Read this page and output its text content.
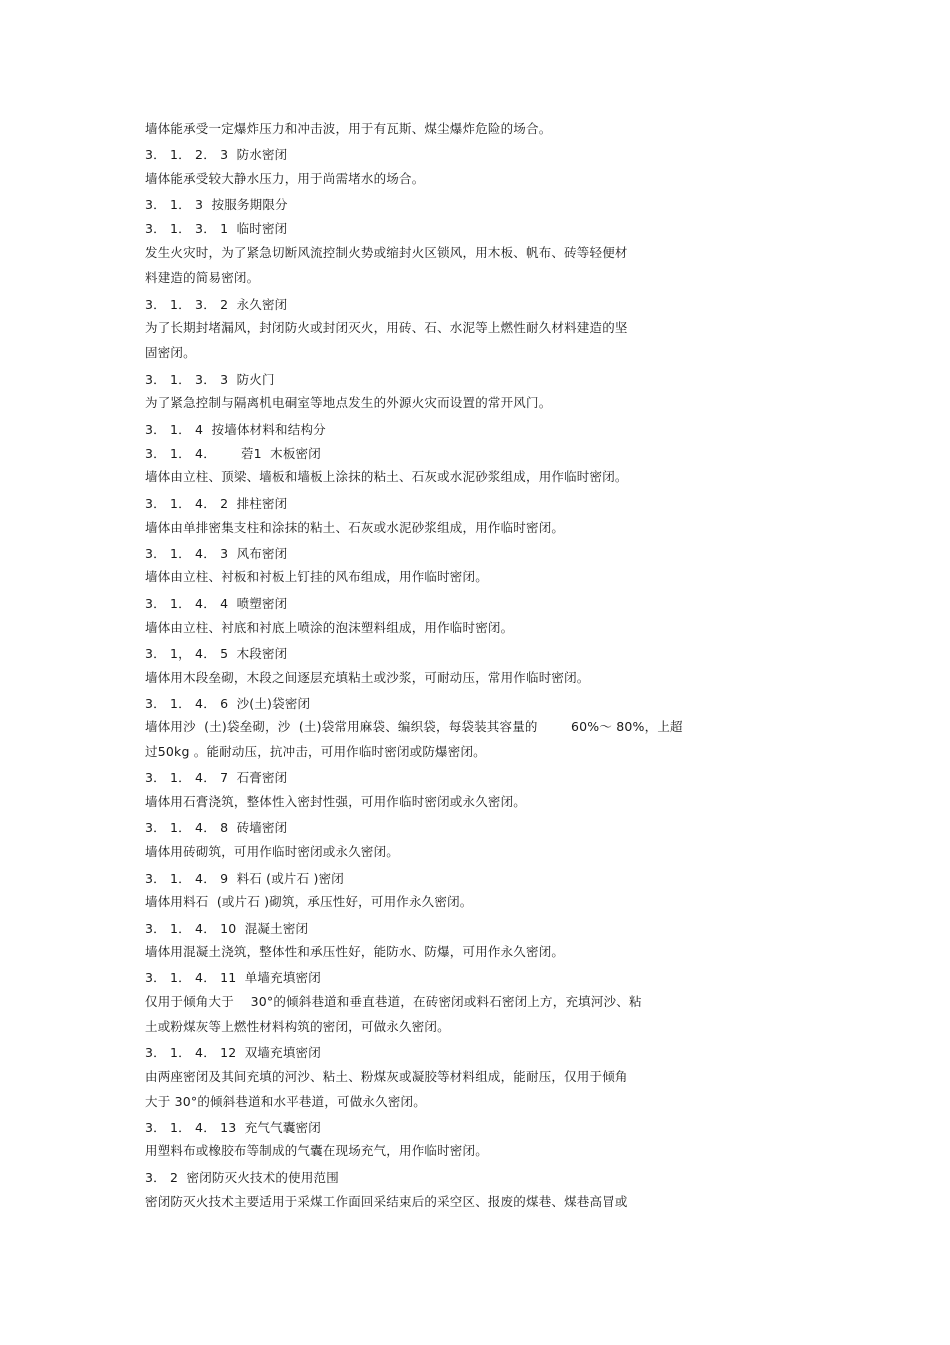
墙体能承受一定爆炸压力和冲击波，用于有瓦斯、煤尘爆炸危险的场合。
3． 1． 2． 3  防水密闭
墙体能承受较大静水压力，用于尚需堵水的场合。
3． 1． 3  按服务期限分
3． 1． 3． 1  临时密闭
发生火灾时，为了紧急切断风流控制火势或缩封火区锁风，用木板、帆布、砖等轻便材
料建造的简易密闭。
3． 1． 3． 2  永久密闭
为了长期封堵漏风，封闭防火或封闭灭火，用砖、石、水泥等上燃性耐久材料建造的坚
固密闭。
3． 1． 3． 3  防火门
为了紧急控制与隔离机电硐室等地点发生的外源火灾而设置的常开风门。
3． 1． 4  按墙体材料和结构分
3． 1． 4．      菪1  木板密闭
墙体由立柱、顶梁、墙板和墙板上涂抹的粘土、石灰或水泥砂浆组成，用作临时密闭。
3． 1． 4． 2  排柱密闭
墙体由单排密集支柱和涂抹的粘土、石灰或水泥砂浆组成，用作临时密闭。
3． 1． 4． 3  风布密闭
墙体由立柱、衬板和衬板上钉挂的风布组成，用作临时密闭。
3． 1． 4． 4  喷塑密闭
墙体由立柱、衬底和衬底上喷涂的泡沫塑料组成，用作临时密闭。
3． 1， 4． 5  木段密闭
墙体用木段垒砌，木段之间逐层充填粘土或沙浆，可耐动压，常用作临时密闭。
3． 1． 4． 6  沙(土)袋密闭
墙体用沙  (土)袋垒砌，沙  (土)袋常用麻袋、编织袋，每袋装其容量的        60%～ 80%，上超
过50kg 。能耐动压，抗冲击，可用作临时密闭或防爆密闭。
3． 1． 4． 7  石膏密闭
墙体用石膏浇筑，整体性入密封性强，可用作临时密闭或永久密闭。
3． 1． 4． 8  砖墙密闭
墙体用砖砌筑，可用作临时密闭或永久密闭。
3． 1． 4． 9  料石 (或片石 )密闭
墙体用料石  (或片石 )砌筑，承压性好，可用作永久密闭。
3． 1． 4． 10  混凝土密闭
墙体用混凝土浇筑，整体性和承压性好，能防水、防爆，可用作永久密闭。
3． 1． 4． 11  单墙充填密闭
仅用于倾角大于    30°的倾斜巷道和垂直巷道，在砖密闭或料石密闭上方，充填河沙、粘
土或粉煤灰等上燃性材料构筑的密闭，可做永久密闭。
3． 1． 4． 12  双墙充填密闭
由两座密闭及其间充填的河沙、粘土、粉煤灰或凝胶等材料组成，能耐压，仅用于倾角
大于 30°的倾斜巷道和水平巷道，可做永久密闭。
3． 1． 4． 13  充气气囊密闭
用塑料布或橡胶布等制成的气囊在现场充气，用作临时密闭。
3． 2  密闭防灭火技术的使用范围
密闭防灭火技术主要适用于采煤工作面回采结束后的采空区、报废的煤巷、煤巷高冒或
